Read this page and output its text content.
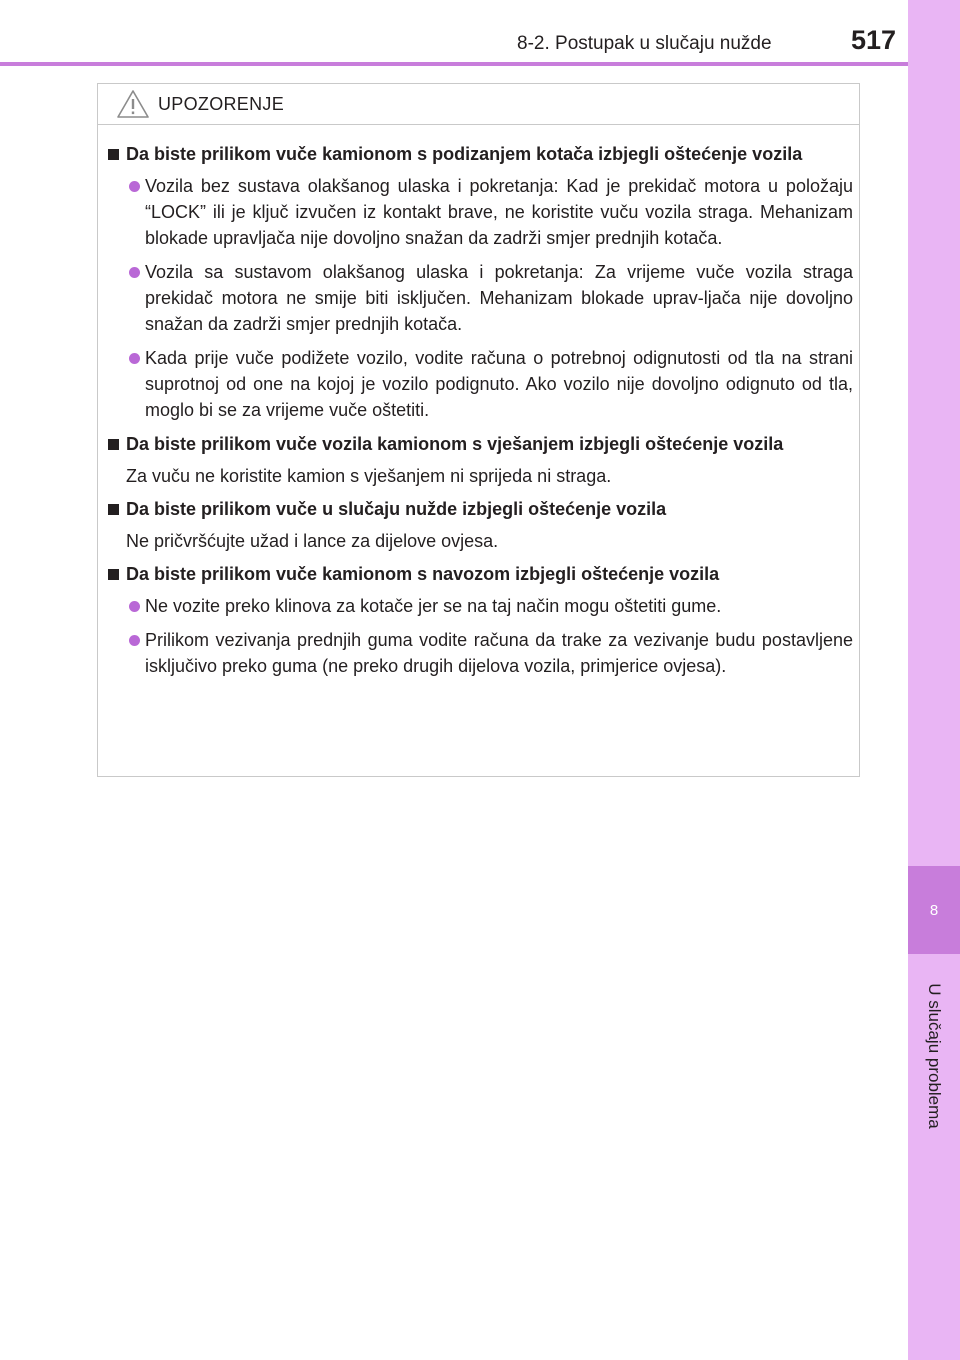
8-2. Postupak u slučaju nužde	517
8
U slučaju problema
UPOZORENJE
Da biste prilikom vuče kamionom s podizanjem kotača izbjegli oštećenje vozila
Vozila bez sustava olakšanog ulaska i pokretanja: Kad je prekidač motora u položaju “LOCK” ili je ključ izvučen iz kontakt brave, ne koristite vuču vozila straga. Mehanizam blokade upravljača nije dovoljno snažan da zadrži smjer prednjih kotača.
Vozila sa sustavom olakšanog ulaska i pokretanja: Za vrijeme vuče vozila straga prekidač motora ne smije biti isključen. Mehanizam blokade uprav-ljača nije dovoljno snažan da zadrži smjer prednjih kotača.
Kada prije vuče podižete vozilo, vodite računa o potrebnoj odignutosti od tla na strani suprotnoj od one na kojoj je vozilo podignuto. Ako vozilo nije dovoljno odignuto od tla, moglo bi se za vrijeme vuče oštetiti.
Da biste prilikom vuče vozila kamionom s vješanjem izbjegli oštećenje vozila
Za vuču ne koristite kamion s vješanjem ni sprijeda ni straga.
Da biste prilikom vuče u slučaju nužde izbjegli oštećenje vozila
Ne pričvršćujte užad i lance za dijelove ovjesa.
Da biste prilikom vuče kamionom s navozom izbjegli oštećenje vozila
Ne vozite preko klinova za kotače jer se na taj način mogu oštetiti gume.
Prilikom vezivanja prednjih guma vodite računa da trake za vezivanje budu postavljene isključivo preko guma (ne preko drugih dijelova vozila, primjerice ovjesa).
